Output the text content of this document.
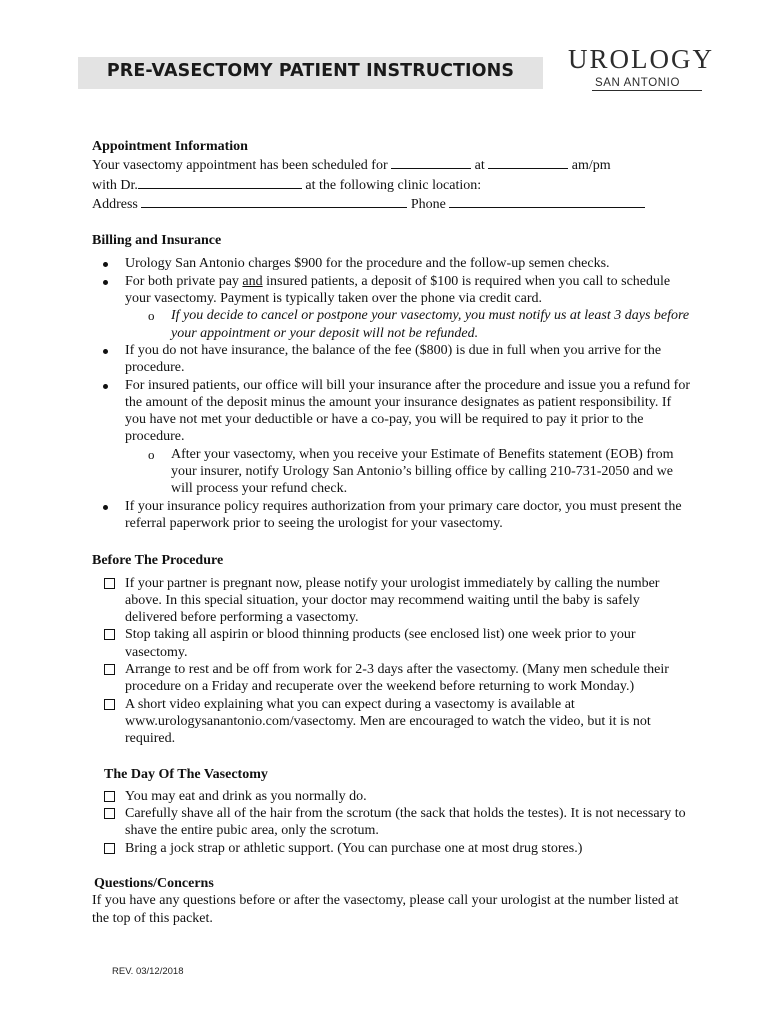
PRE-VASECTOMY PATIENT INSTRUCTIONS	UROLOGY
SAN ANTONIO

Appointment Information

Your vasectomy appointment has been scheduled for	at	am/pm

with Dr.	at the following clinic location:

Address	Phone

Billing and Insurance

Urology San Antonio charges $900 for the procedure and the follow-up semen checks.
For both private pay and insured patients, a deposit of $100 is required when you call to schedule your vasectomy. Payment is typically taken over the phone via credit card.
o If you decide to cancel or postpone your vasectomy, you must notify us at least 3 days before your appointment or your deposit will not be refunded.
If you do not have insurance, the balance of the fee ($800) is due in full when you arrive for the procedure.
For insured patients, our office will bill your insurance after the procedure and issue you a refund for the amount of the deposit minus the amount your insurance designates as patient responsibility. If you have not met your deductible or have a co-pay, you will be required to pay it prior to the procedure.
o After your vasectomy, when you receive your Estimate of Benefits statement (EOB) from your insurer, notify Urology San Antonio’s billing office by calling 210-731-2050 and we will process your refund check.
If your insurance policy requires authorization from your primary care doctor, you must present the referral paperwork prior to seeing the urologist for your vasectomy.

Before The Procedure

If your partner is pregnant now, please notify your urologist immediately by calling the number above. In this special situation, your doctor may recommend waiting until the baby is safely delivered before performing a vasectomy.
Stop taking all aspirin or blood thinning products (see enclosed list) one week prior to your vasectomy.
Arrange to rest and be off from work for 2-3 days after the vasectomy. (Many men schedule their procedure on a Friday and recuperate over the weekend before returning to work Monday.)
A short video explaining what you can expect during a vasectomy is available at www.urologysanantonio.com/vasectomy. Men are encouraged to watch the video, but it is not required.

The Day Of The Vasectomy

You may eat and drink as you normally do.
Carefully shave all of the hair from the scrotum (the sack that holds the testes). It is not necessary to shave the entire pubic area, only the scrotum.
Bring a jock strap or athletic support. (You can purchase one at most drug stores.)

Questions/Concerns

If you have any questions before or after the vasectomy, please call your urologist at the number listed at the top of this packet.

REV. 03/12/2018
